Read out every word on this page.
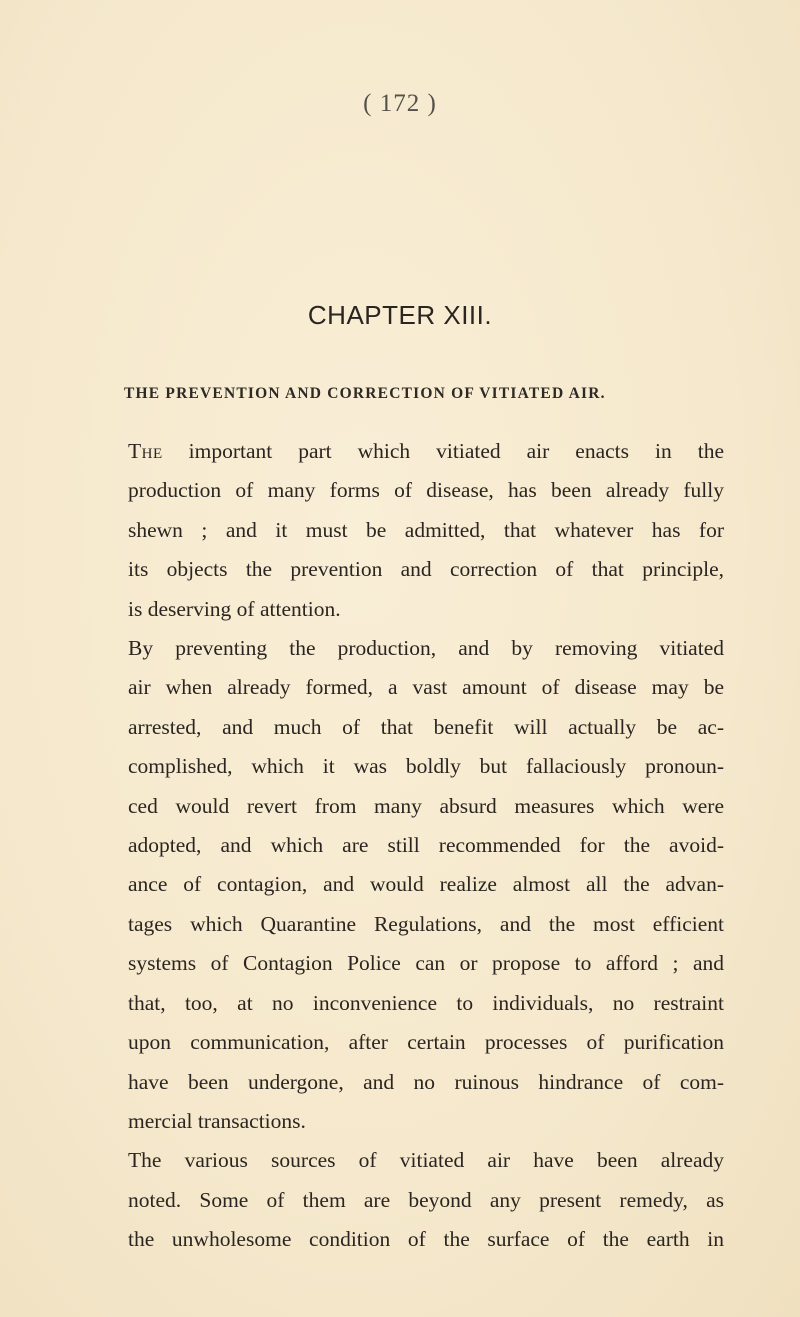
( 172 )
CHAPTER XIII.
THE PREVENTION AND CORRECTION OF VITIATED AIR.
The important part which vitiated air enacts in the
production of many forms of disease, has been already fully
shewn ; and it must be admitted, that whatever has for
its objects the prevention and correction of that principle,
is deserving of attention.
By preventing the production, and by removing vitiated
air when already formed, a vast amount of disease may be
arrested, and much of that benefit will actually be ac-
complished, which it was boldly but fallaciously pronoun-
ced would revert from many absurd measures which were
adopted, and which are still recommended for the avoid-
ance of contagion, and would realize almost all the advan-
tages which Quarantine Regulations, and the most efficient
systems of Contagion Police can or propose to afford ; and
that, too, at no inconvenience to individuals, no restraint
upon communication, after certain processes of purification
have been undergone, and no ruinous hindrance of com-
mercial transactions.
The various sources of vitiated air have been already
noted. Some of them are beyond any present remedy, as
the unwholesome condition of the surface of the earth in
